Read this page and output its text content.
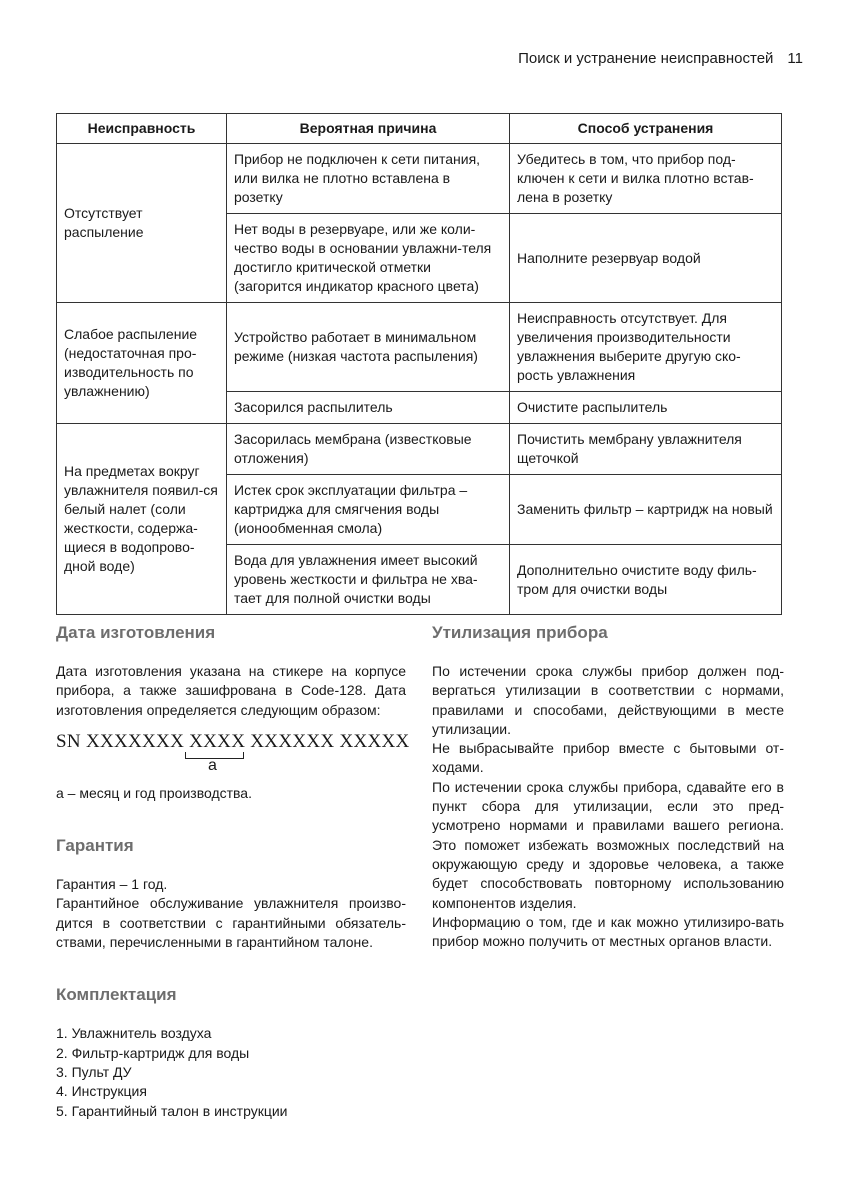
Поиск и устранение неисправностей 11
Неисправность	Вероятная причина	Способ устранения
Отсутствует распыление	Прибор не подключен к сети питания, или вилка не плотно вставлена в розетку	Убедитесь в том, что прибор под-ключен к сети и вилка плотно встав-лена в розетку
	Нет воды в резервуаре, или же коли-чество воды в основании увлажни-теля достигло критической отметки (загорится индикатор красного цвета)	Наполните резервуар водой
Слабое распыление (недостаточная про-изводительность по увлажнению)	Устройство работает в минимальном режиме (низкая частота распыления)	Неисправность отсутствует. Для увеличения производительности увлажнения выберите другую ско-рость увлажнения
	Засорился распылитель	Очистите распылитель
На предметах вокруг увлажнителя появил-ся белый налет (соли жесткости, содержа-щиеся в водопрово-дной воде)	Засорилась мембрана (известковые отложения)	Почистить мембрану увлажнителя щеточкой
	Истек срок эксплуатации фильтра – картриджа для смягчения воды (ионообменная смола)	Заменить фильтр – картридж на новый
	Вода для увлажнения имеет высокий уровень жесткости и фильтра не хва-тает для полной очистки воды	Дополнительно очистите воду филь-тром для очистки воды
Дата изготовления

Дата изготовления указана на стикере на корпусе прибора, а также зашифрована в Code-128. Дата изготовления определяется следующим образом:

SN XXXXXXX XXXX XXXXXX XXXXX
а

а – месяц и год производства.

Гарантия

Гарантия – 1 год.

Гарантийное обслуживание увлажнителя произво-дится в соответствии с гарантийными обязатель-ствами, перечисленными в гарантийном талоне.

Комплектация
1. Увлажнитель воздуха
2. Фильтр-картридж для воды
3. Пульт ДУ
4. Инструкция
5. Гарантийный талон в инструкции
Утилизация прибора

По истечении срока службы прибор должен под-вергаться утилизации в соответствии с нормами, правилами и способами, действующими в месте утилизации.

Не выбрасывайте прибор вместе с бытовыми от-ходами.

По истечении срока службы прибора, сдавайте его в пункт сбора для утилизации, если это пред-усмотрено нормами и правилами вашего региона. Это поможет избежать возможных последствий на окружающую среду и здоровье человека, а также будет способствовать повторному использованию компонентов изделия.

Информацию о том, где и как можно утилизиро-вать прибор можно получить от местных органов власти.
